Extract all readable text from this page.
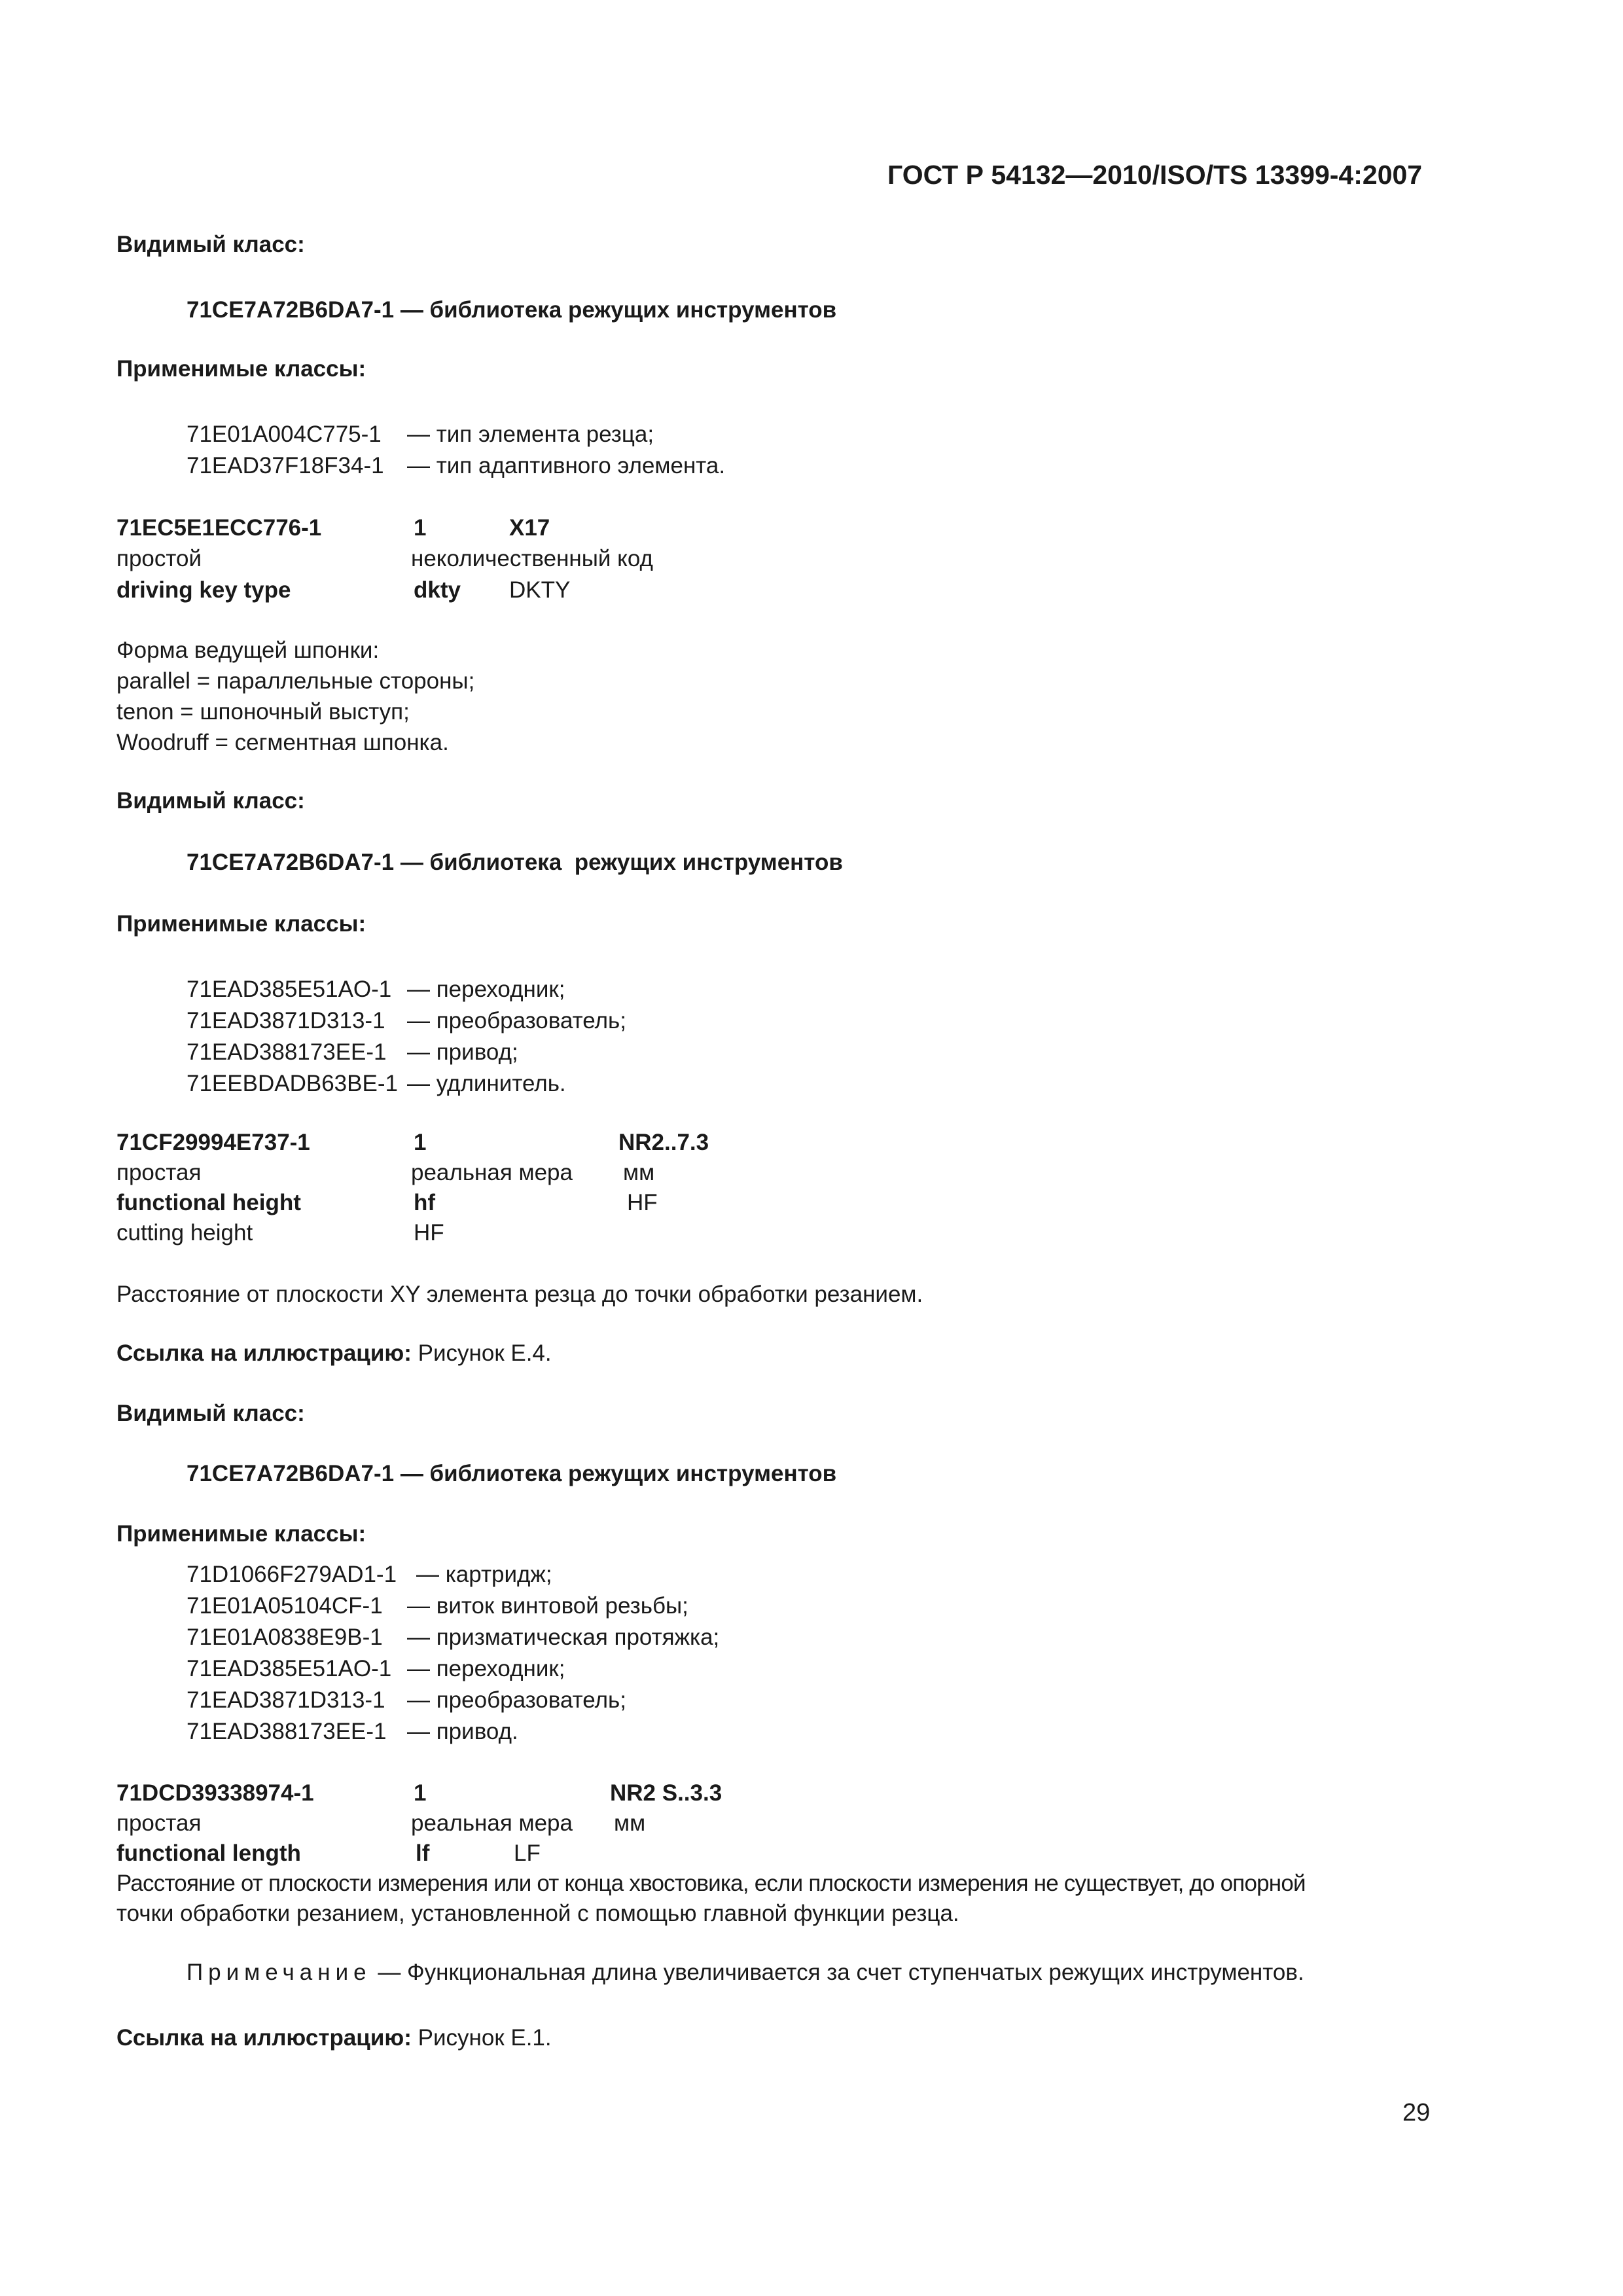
ГОСТ Р 54132—2010/ISO/TS 13399-4:2007
Видимый класс:
71CE7A72B6DA7-1 — библиотека режущих инструментов
Применимые классы:
71E01A004C775-1 — тип элемента резца;
71EAD37F18F34-1 — тип адаптивного элемента.
71EC5E1ECC776-1	1	X17
простой	неколичественный код
driving key type	dkty DKTY
Форма ведущей шпонки:
parallel = параллельные стороны;
tenon = шпоночный выступ;
Woodruff = сегментная шпонка.
Видимый класс:
71CE7A72B6DA7-1 — библиотека  режущих инструментов
Применимые классы:
71EAD385E51AO-1 — переходник;
71EAD3871D313-1 — преобразователь;
71EAD388173EE-1 — привод;
71EEBDADB63BE-1 — удлинитель.
71CF29994E737-1	1	NR2..7.3
простая	реальная мера мм
functional height	hf	HF
cutting height	HF
Расстояние от плоскости XY элемента резца до точки обработки резанием.
Ссылка на иллюстрацию: Рисунок Е.4.
Видимый класс:
71CE7A72B6DA7-1 — библиотека режущих инструментов
Применимые классы:
71D1066F279AD1-1 — картридж;
71E01A05104CF-1 — виток винтовой резьбы;
71E01A0838E9B-1 — призматическая протяжка;
71EAD385E51AO-1 — переходник;
71EAD3871D313-1 — преобразователь;
71EAD388173EE-1 — привод.
71DCD39338974-1	1	NR2 S..3.3
простая	реальная мера мм
functional length	lf	LF
Расстояние от плоскости измерения или от конца хвостовика, если плоскости измерения не существует, до опорной
точки обработки резанием, установленной с помощью главной функции резца.
Примечание — Функциональная длина увеличивается за счет ступенчатых режущих инструментов.
Ссылка на иллюстрацию: Рисунок Е.1.
29
